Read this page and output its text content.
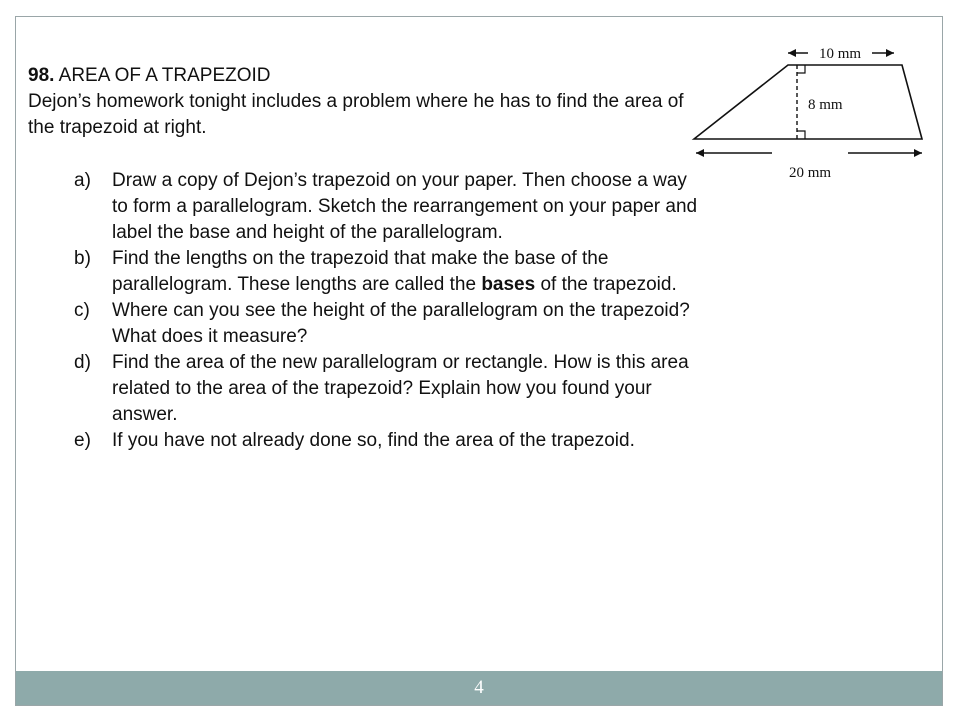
98. AREA OF A TRAPEZOID

Dejon’s homework tonight includes a problem where he has to find the area of the trapezoid at right.

a) Draw a copy of Dejon’s trapezoid on your paper. Then choose a way to form a parallelogram. Sketch the rearrangement on your paper and label the base and height of the parallelogram.
b) Find the lengths on the trapezoid that make the base of the parallelogram. These lengths are called the bases of the trapezoid.
c) Where can you see the height of the parallelogram on the trapezoid? What does it measure?
d) Find the area of the new parallelogram or rectangle. How is this area related to the area of the trapezoid? Explain how you found your answer.
e) If you have not already done so, find the area of the trapezoid.
10 mm
8 mm
20 mm
4
